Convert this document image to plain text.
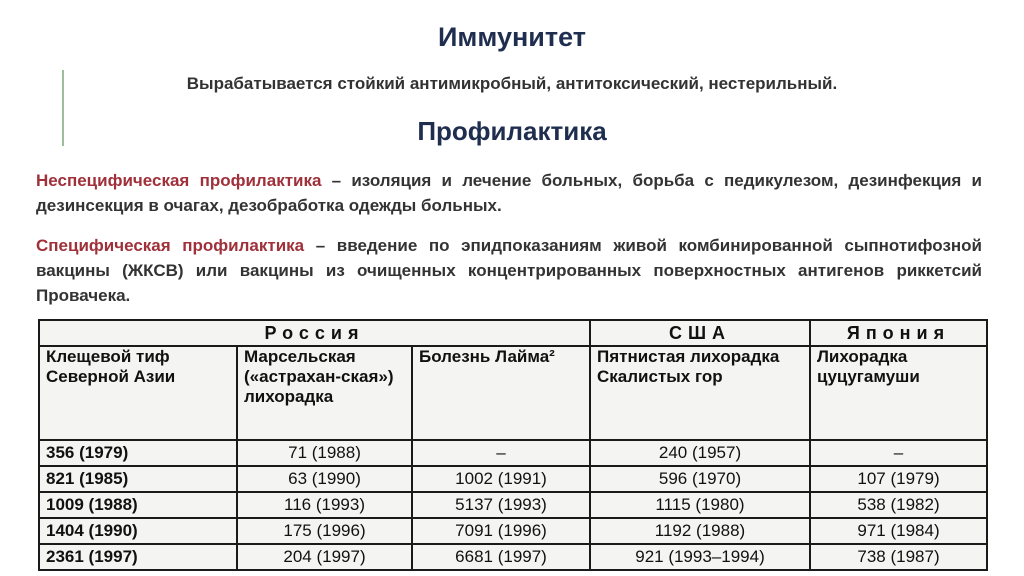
Иммунитет
Вырабатывается стойкий антимикробный, антитоксический, нестерильный.
Профилактика

Неспецифическая профилактика – изоляция и лечение больных, борьба с педикулезом, дезинфекция и дезинсекция в очагах, дезобработка одежды больных.

Специфическая профилактика – введение по эпидпоказаниям живой комбинированной сыпнотифозной вакцины (ЖКСВ) или вакцины из очищенных концентрированных поверхностных антигенов риккетсий Провачека.

Россия			США	Япония
Клещевой тиф Северной Азии	Марсельская («астрахан-ская») лихорадка	Болезнь Лайма²	Пятнистая лихорадка Скалистых гор	Лихорадка цуцугамуши
356 (1979)	71 (1988)	–	240 (1957)	–
821 (1985)	63 (1990)	1002 (1991)	596 (1970)	107 (1979)
1009 (1988)	116 (1993)	5137 (1993)	1115 (1980)	538 (1982)
1404 (1990)	175 (1996)	7091 (1996)	1192 (1988)	971 (1984)
2361 (1997)	204 (1997)	6681 (1997)	921 (1993–1994)	738 (1987)
